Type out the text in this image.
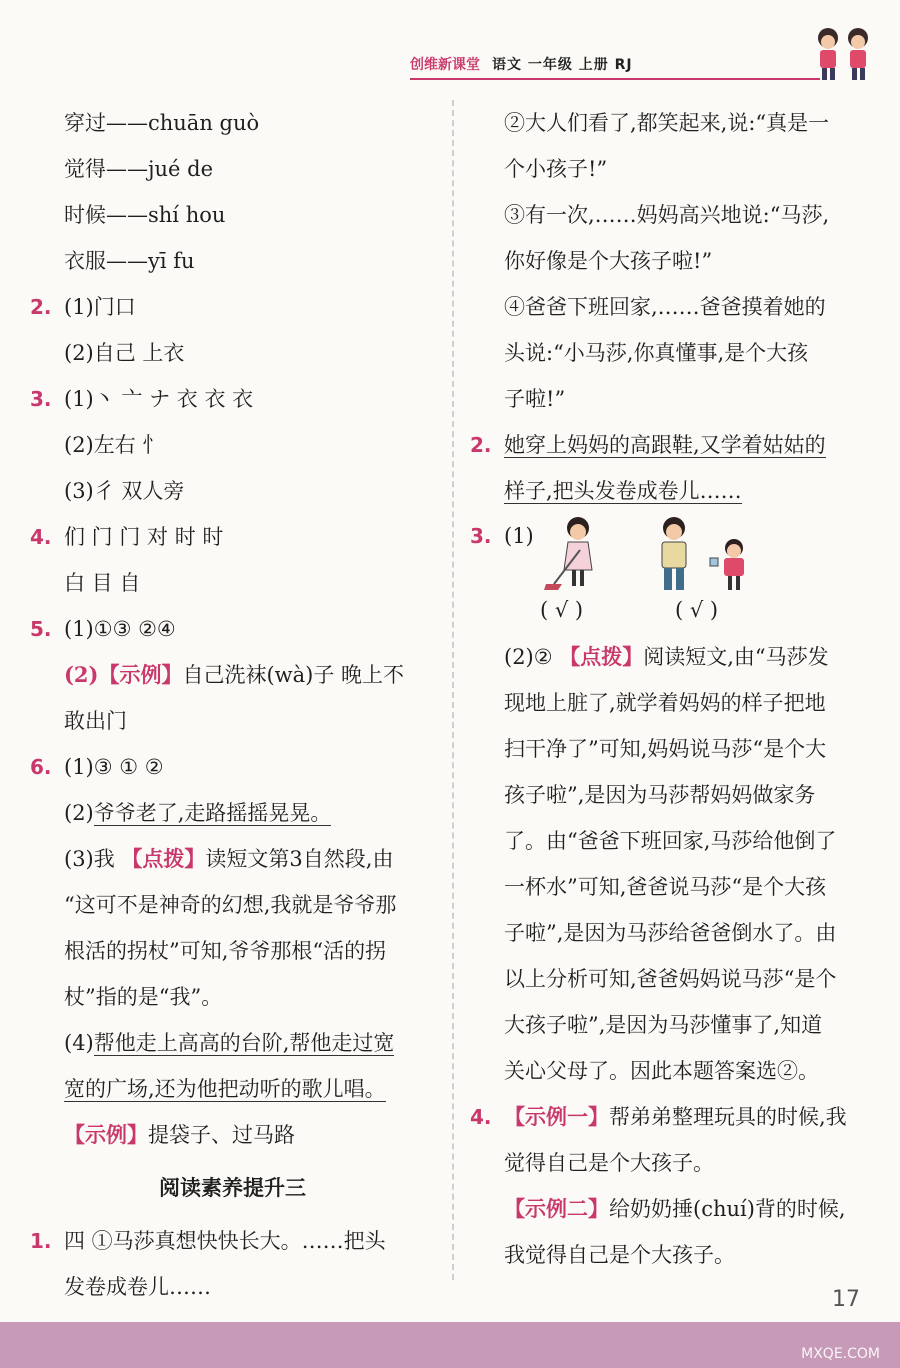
创维新课堂 语文 一年级 上册 RJ
穿过——chuān guò
觉得——jué de
时候——shí hou
衣服——yī fu
2. (1)门口
(2)自己 上衣
3. (1)丶 亠 ナ 衣 衣 衣
(2)左右 忄
(3)彳 双人旁
4. 们 门 门 对 时 时
白 目 自
5. (1)①③ ②④
(2)【示例】自己洗袜(wà)子 晚上不
敢出门
6. (1)③ ① ②
(2)爷爷老了,走路摇摇晃晃。
(3)我 【点拨】读短文第3自然段,由
“这可不是神奇的幻想,我就是爷爷那
根活的拐杖”可知,爷爷那根“活的拐
杖”指的是“我”。
(4)帮他走上高高的台阶,帮他走过宽
宽的广场,还为他把动听的歌儿唱。
【示例】提袋子、过马路
阅读素养提升三
1. 四 ①马莎真想快快长大。……把头
发卷成卷儿……
②大人们看了,都笑起来,说:“真是一
个小孩子!”
③有一次,……妈妈高兴地说:“马莎,
你好像是个大孩子啦!”
④爸爸下班回家,……爸爸摸着她的
头说:“小马莎,你真懂事,是个大孩
子啦!”
2. 她穿上妈妈的高跟鞋,又学着姑姑的
样子,把头发卷成卷儿……
3. (1)
( √ )	( √ )
(2)② 【点拨】阅读短文,由“马莎发
现地上脏了,就学着妈妈的样子把地
扫干净了”可知,妈妈说马莎“是个大
孩子啦”,是因为马莎帮妈妈做家务
了。由“爸爸下班回家,马莎给他倒了
一杯水”可知,爸爸说马莎“是个大孩
子啦”,是因为马莎给爸爸倒水了。由
以上分析可知,爸爸妈妈说马莎“是个
大孩子啦”,是因为马莎懂事了,知道
关心父母了。因此本题答案选②。
4. 【示例一】帮弟弟整理玩具的时候,我
觉得自己是个大孩子。
【示例二】给奶奶捶(chuí)背的时候,
我觉得自己是个大孩子。
17
MXQE.COM
